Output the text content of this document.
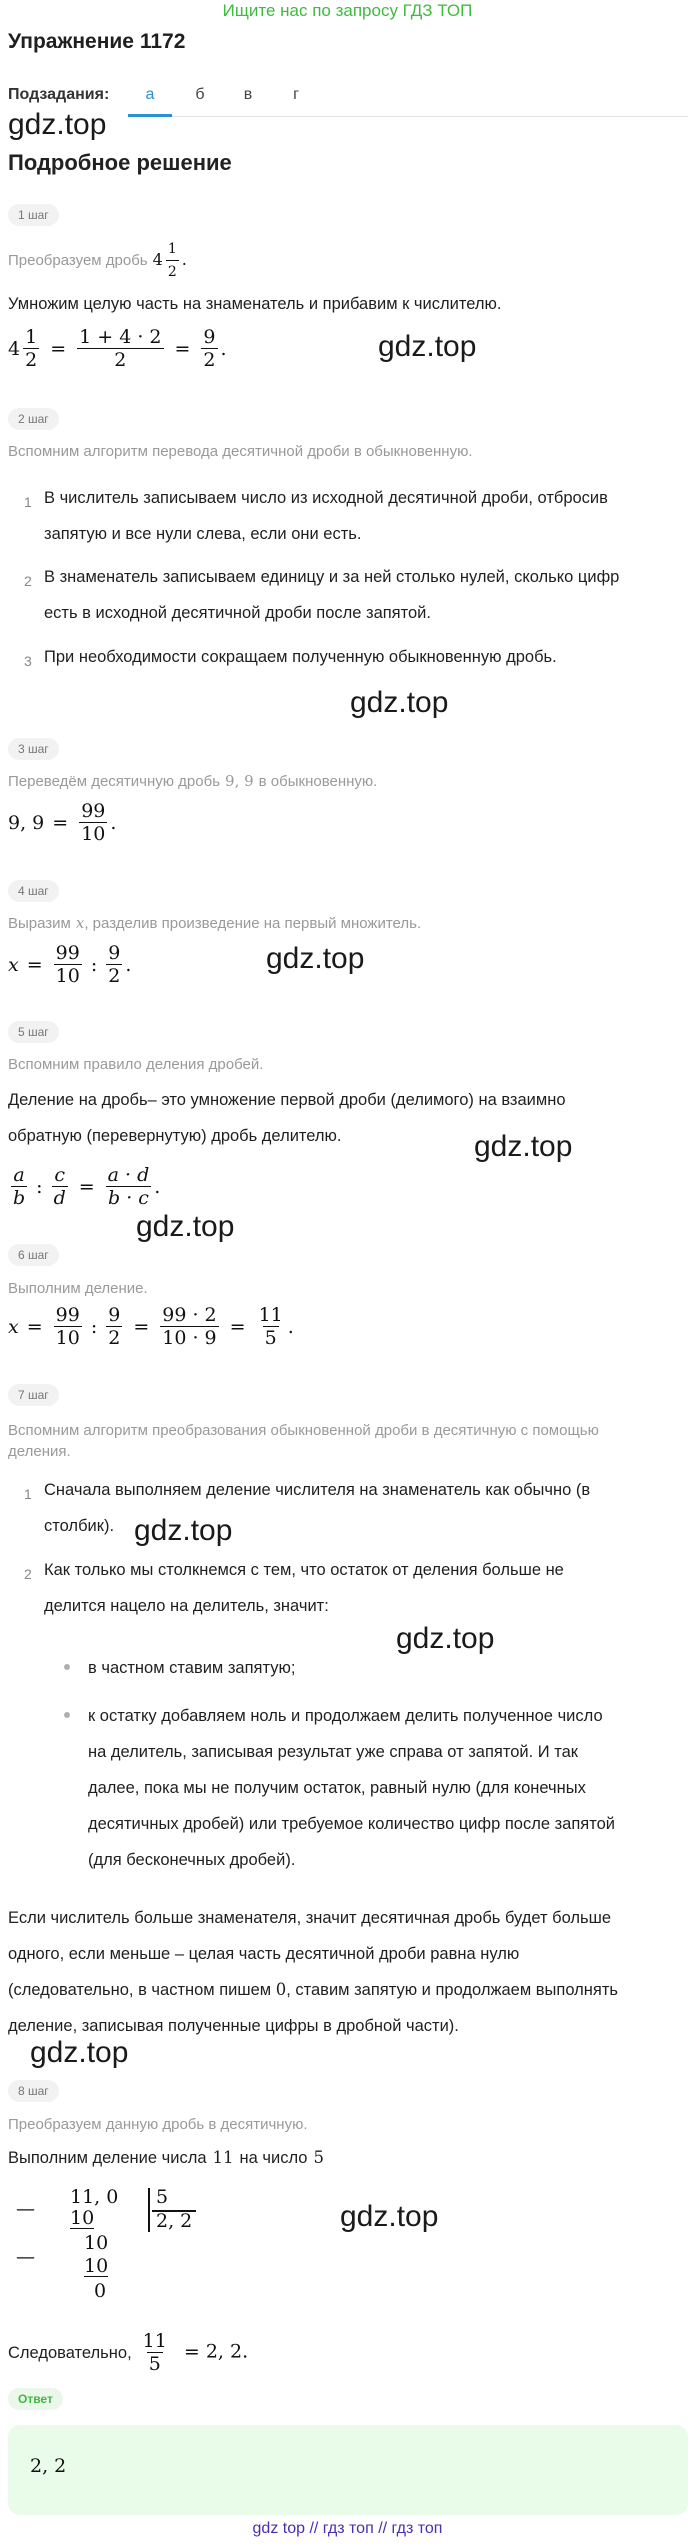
Ищите нас по запросу ГДЗ ТОП
Упражнение 1172
Подзадания:	а	б	в	г
gdz.top
Подробное решение
1 шаг
Преобразуем дробь $4 \frac{1}{2}$ .
Умножим целую часть на знаменатель и прибавим к числителю.
$4 \frac{1}{2} = \frac{1 + 4 \cdot 2}{2} = \frac{9}{2}$ .	gdz.top
2 шаг
Вспомним алгоритм перевода десятичной дроби в обыкновенную.
1 В числитель записываем число из исходной десятичной дроби, отбросив
запятую и все нули слева, если они есть.
2 В знаменатель записываем единицу и за ней столько нулей, сколько цифр
есть в исходной десятичной дроби после запятой.
3 При необходимости сокращаем полученную обыкновенную дробь.
gdz.top
3 шаг
Переведём десятичную дробь 9, 9 в обыкновенную.
9, $9 = \frac{99}{10}$ .
4 шаг
Выразим x , разделив произведение на первый множитель.
$x = \frac{99}{10}$ : $\frac{9}{2}$ .	gdz.top
5 шаг
Вспомним правило деления дробей.
Деление на дробь– это умножение первой дроби (делимого) на взаимно
обратную (перевернутую) дробь делителю.	gdz.top
$\frac{a}{b}$ : $\frac{c}{d} = \frac{a \cdot d}{b \cdot c}$ .
gdz.top
6 шаг
Выполним деление.
$x = \frac{99}{10}$ : $\frac{9}{2} = \frac{99 \cdot 2}{10 \cdot 9} = \frac{11}{5}$ .
7 шаг
Вспомним алгоритм преобразования обыкновенной дроби в десятичную с помощью
деления.
1 Сначала выполняем деление числителя на знаменатель как обычно (в
столбик). gdz.top
2 Как только мы столкнемся с тем, что остаток от деления больше не
делится нацело на делитель, значит:
gdz.top
в частном ставим запятую;
к остатку добавляем ноль и продолжаем делить полученное число
на делитель, записывая результат уже справа от запятой. И так
далее, пока мы не получим остаток, равный нулю (для конечных
десятичных дробей) или требуемое количество цифр после запятой
(для бесконечных дробей).
Если числитель больше знаменателя, значит десятичная дробь будет больше
одного, если меньше – целая часть десятичной дроби равна нулю
(следовательно, в частном пишем 0, ставим запятую и продолжаем выполнять
деление, записывая полученные цифры в дробной части).
gdz.top
8 шаг
Преобразуем данную дробь в десятичную.
Выполним деление числа 11 на число 5
—
11, 0
10
—
10
10
0
5
2, 2	gdz.top
Следовательно, $\frac{11}{5} = 2$, 2.
Ответ
2, 2
gdz top // гдз топ // гдз топ
